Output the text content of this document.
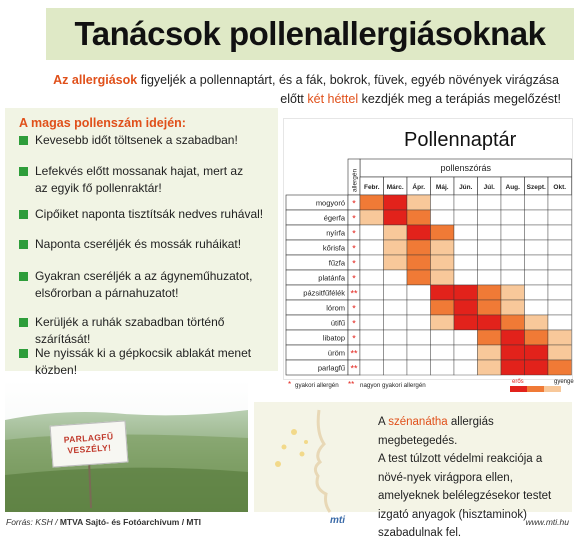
Tanácsok pollenallergiásoknak
Az allergiások figyeljék a pollennaptárt, és a fák, bokrok, füvek, egyéb növények virágzása
előtt két héttel kezdjék meg a terápiás megelőzést!
A magas pollenszám idején:
Kevesebb időt töltsenek a szabadban!
Lefekvés előtt mossanak hajat, mert az az egyik fő pollenraktár!
Cipőiket naponta tisztítsák nedves ruhával!
Naponta cseréljék és mossák ruháikat!
Gyakran cseréljék a az ágyneműhuzatot, elsőrorban a párnahuzatot!
Kerüljék a ruhák szabadban történő szárítását!
Ne nyissák ki a gépkocsik ablakát menet közben!
Pollennaptár
pollenszórás
allergén Febr. Márc. Ápr. Máj. Jún. Júl. Aug. Szept. Okt.
mogyoró *
égerfa *
nyírfa *
kőrisfa *
fűzfa *
platánfa *
pázsitfűfélék **
lórom *
útifű *
libatop *
üröm **
parlagfű **
* gyakori allergén ** nagyon gyakori allergén	erős	gyenge
PARLAGFŰ
VESZÉLY!
A szénanátha allergiás megbetegedés.
A test túlzott védelmi reakciója a növé-nyek virágpora ellen, amelyeknek belélegzésekor testet izgató anyagok (hisztaminok) szabadulnak fel.
Forrás: KSH / MTVA Sajtó- és Fotóarchívum / MTI	mti	www.mti.hu
